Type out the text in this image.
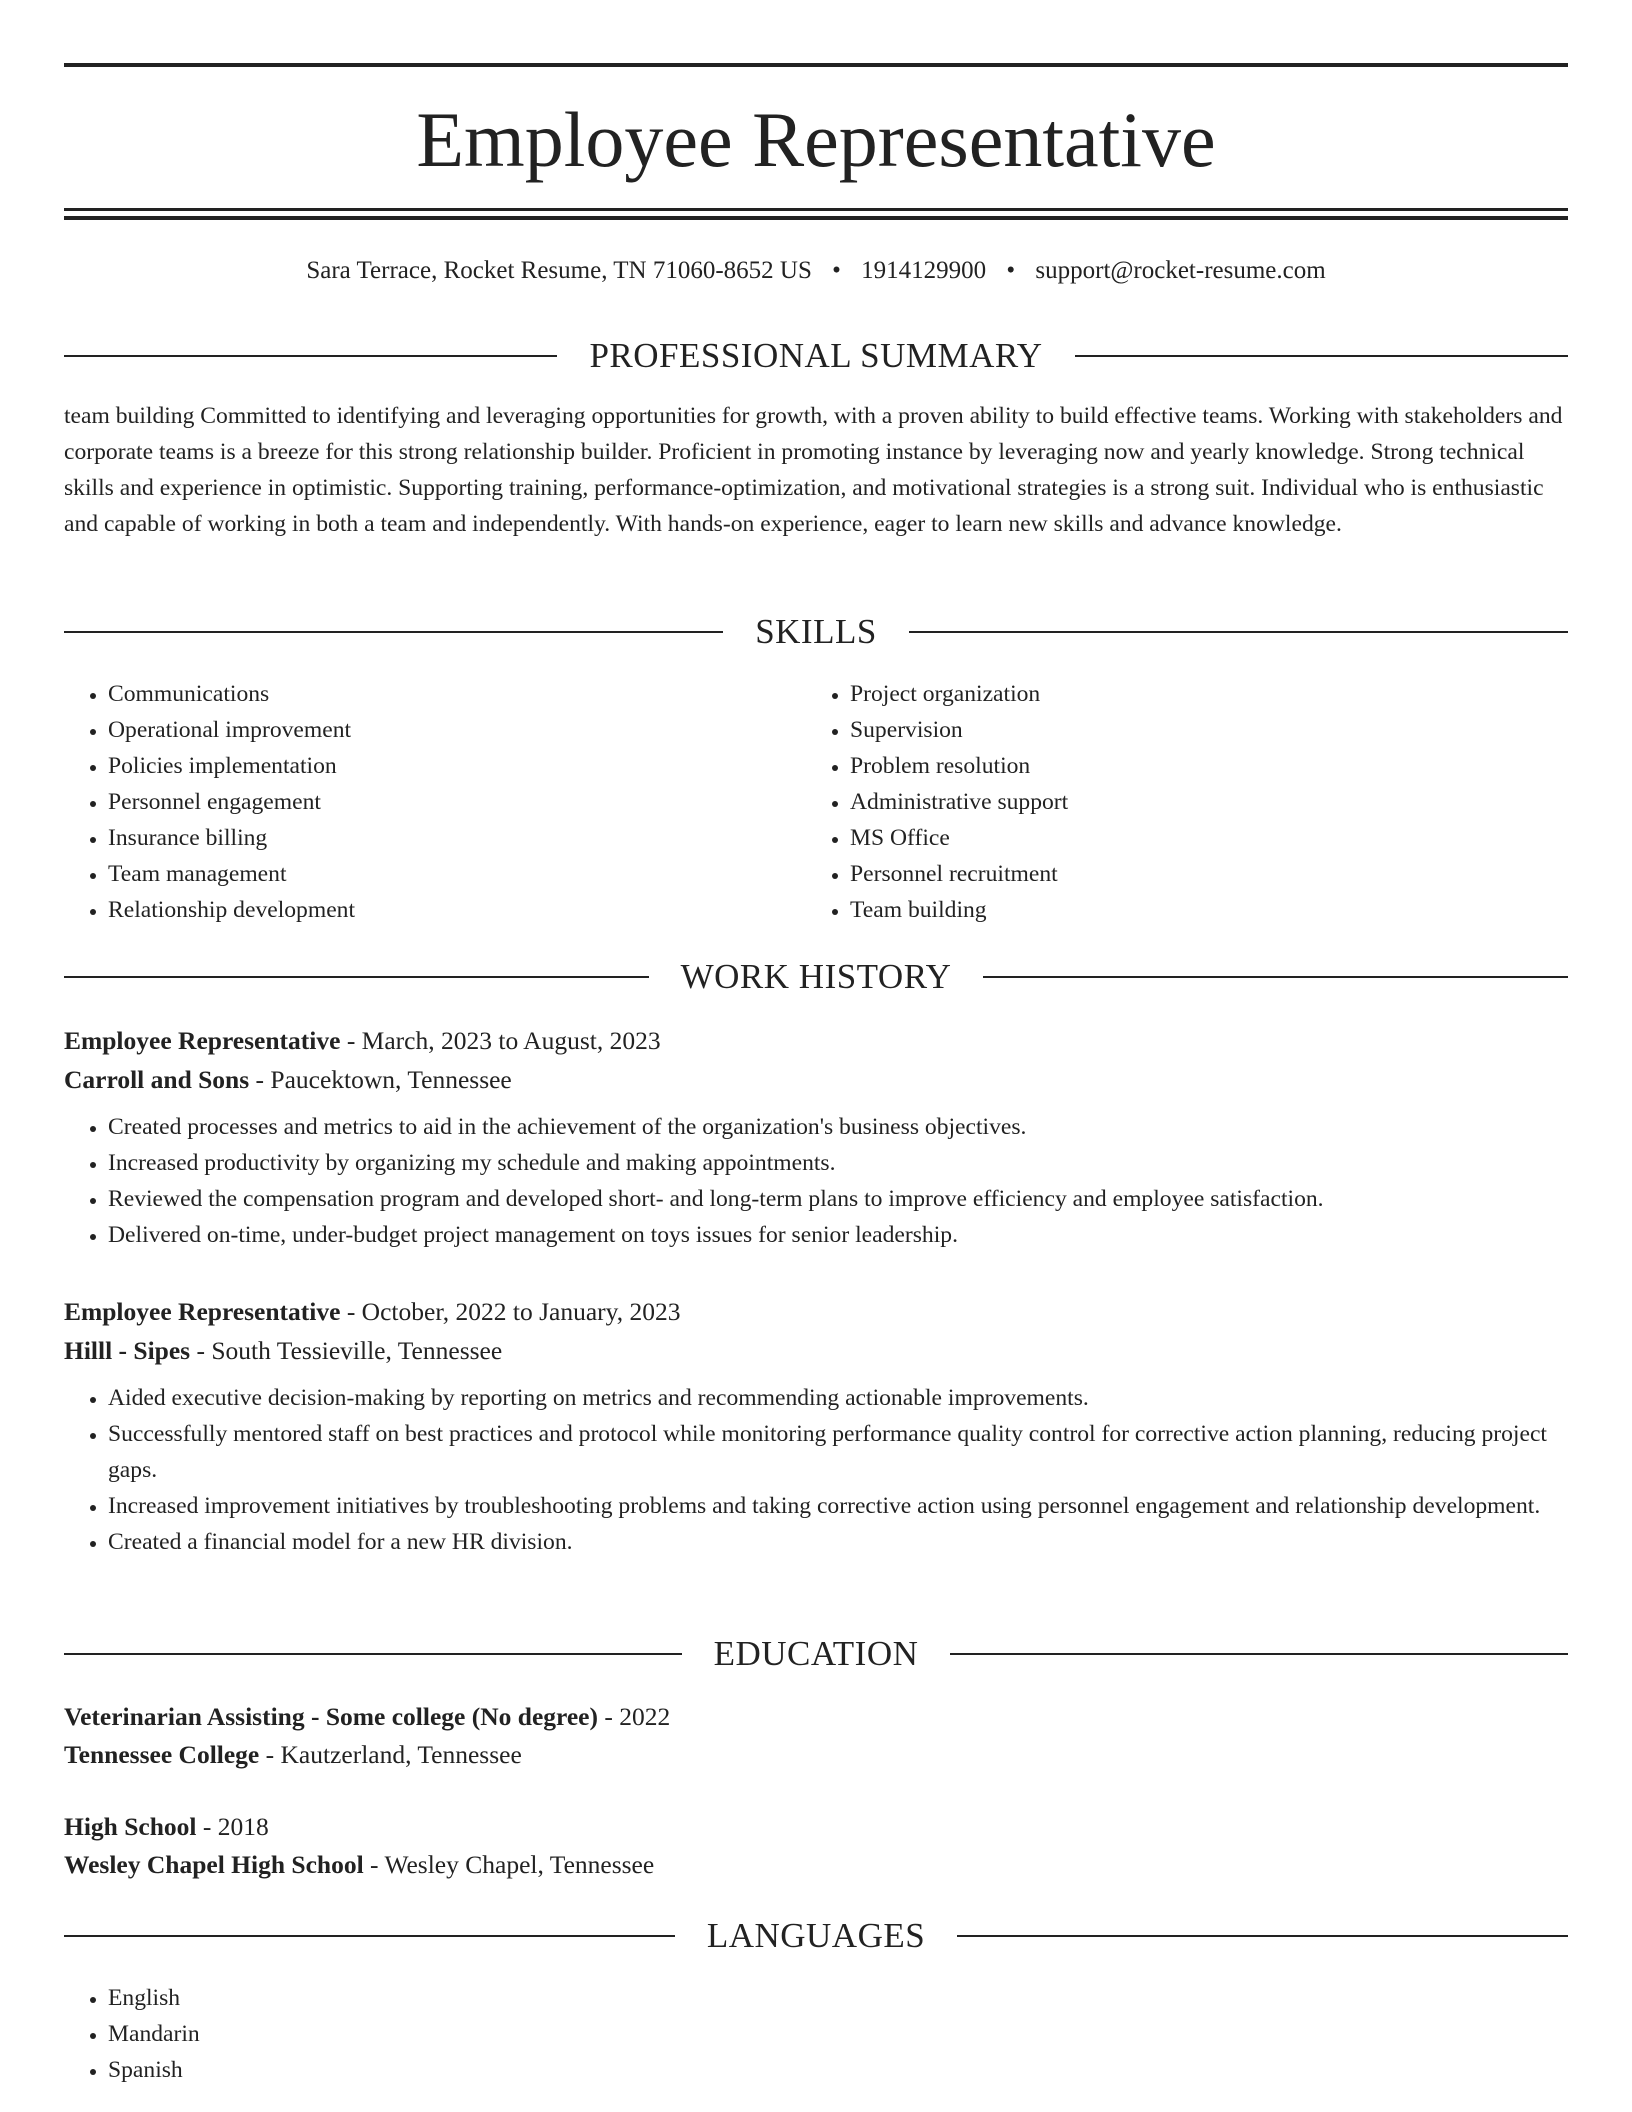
Employee Representative
Sara Terrace, Rocket Resume, TN 71060-8652 US • 1914129900 • support@rocket-resume.com
PROFESSIONAL SUMMARY

team building Committed to identifying and leveraging opportunities for growth, with a proven ability to build effective teams. Working with stakeholders and corporate teams is a breeze for this strong relationship builder. Proficient in promoting instance by leveraging now and yearly knowledge. Strong technical skills and experience in optimistic. Supporting training, performance-optimization, and motivational strategies is a strong suit. Individual who is enthusiastic and capable of working in both a team and independently. With hands-on experience, eager to learn new skills and advance knowledge.

SKILLS
• Communications
• Operational improvement
• Policies implementation
• Personnel engagement
• Insurance billing
• Team management
• Relationship development
• Project organization
• Supervision
• Problem resolution
• Administrative support
• MS Office
• Personnel recruitment
• Team building
WORK HISTORY
Employee Representative - March, 2023 to August, 2023
Carroll and Sons - Paucektown, Tennessee
• Created processes and metrics to aid in the achievement of the organization's business objectives.
• Increased productivity by organizing my schedule and making appointments.
• Reviewed the compensation program and developed short- and long-term plans to improve efficiency and employee satisfaction.
• Delivered on-time, under-budget project management on toys issues for senior leadership.
Employee Representative - October, 2022 to January, 2023
Hilll - Sipes - South Tessieville, Tennessee
• Aided executive decision-making by reporting on metrics and recommending actionable improvements.
• Successfully mentored staff on best practices and protocol while monitoring performance quality control for corrective action planning, reducing project gaps.
• Increased improvement initiatives by troubleshooting problems and taking corrective action using personnel engagement and relationship development.
• Created a financial model for a new HR division.
EDUCATION
Veterinarian Assisting - Some college (No degree) - 2022
Tennessee College - Kautzerland, Tennessee
High School - 2018
Wesley Chapel High School - Wesley Chapel, Tennessee
LANGUAGES
• English
• Mandarin
• Spanish
